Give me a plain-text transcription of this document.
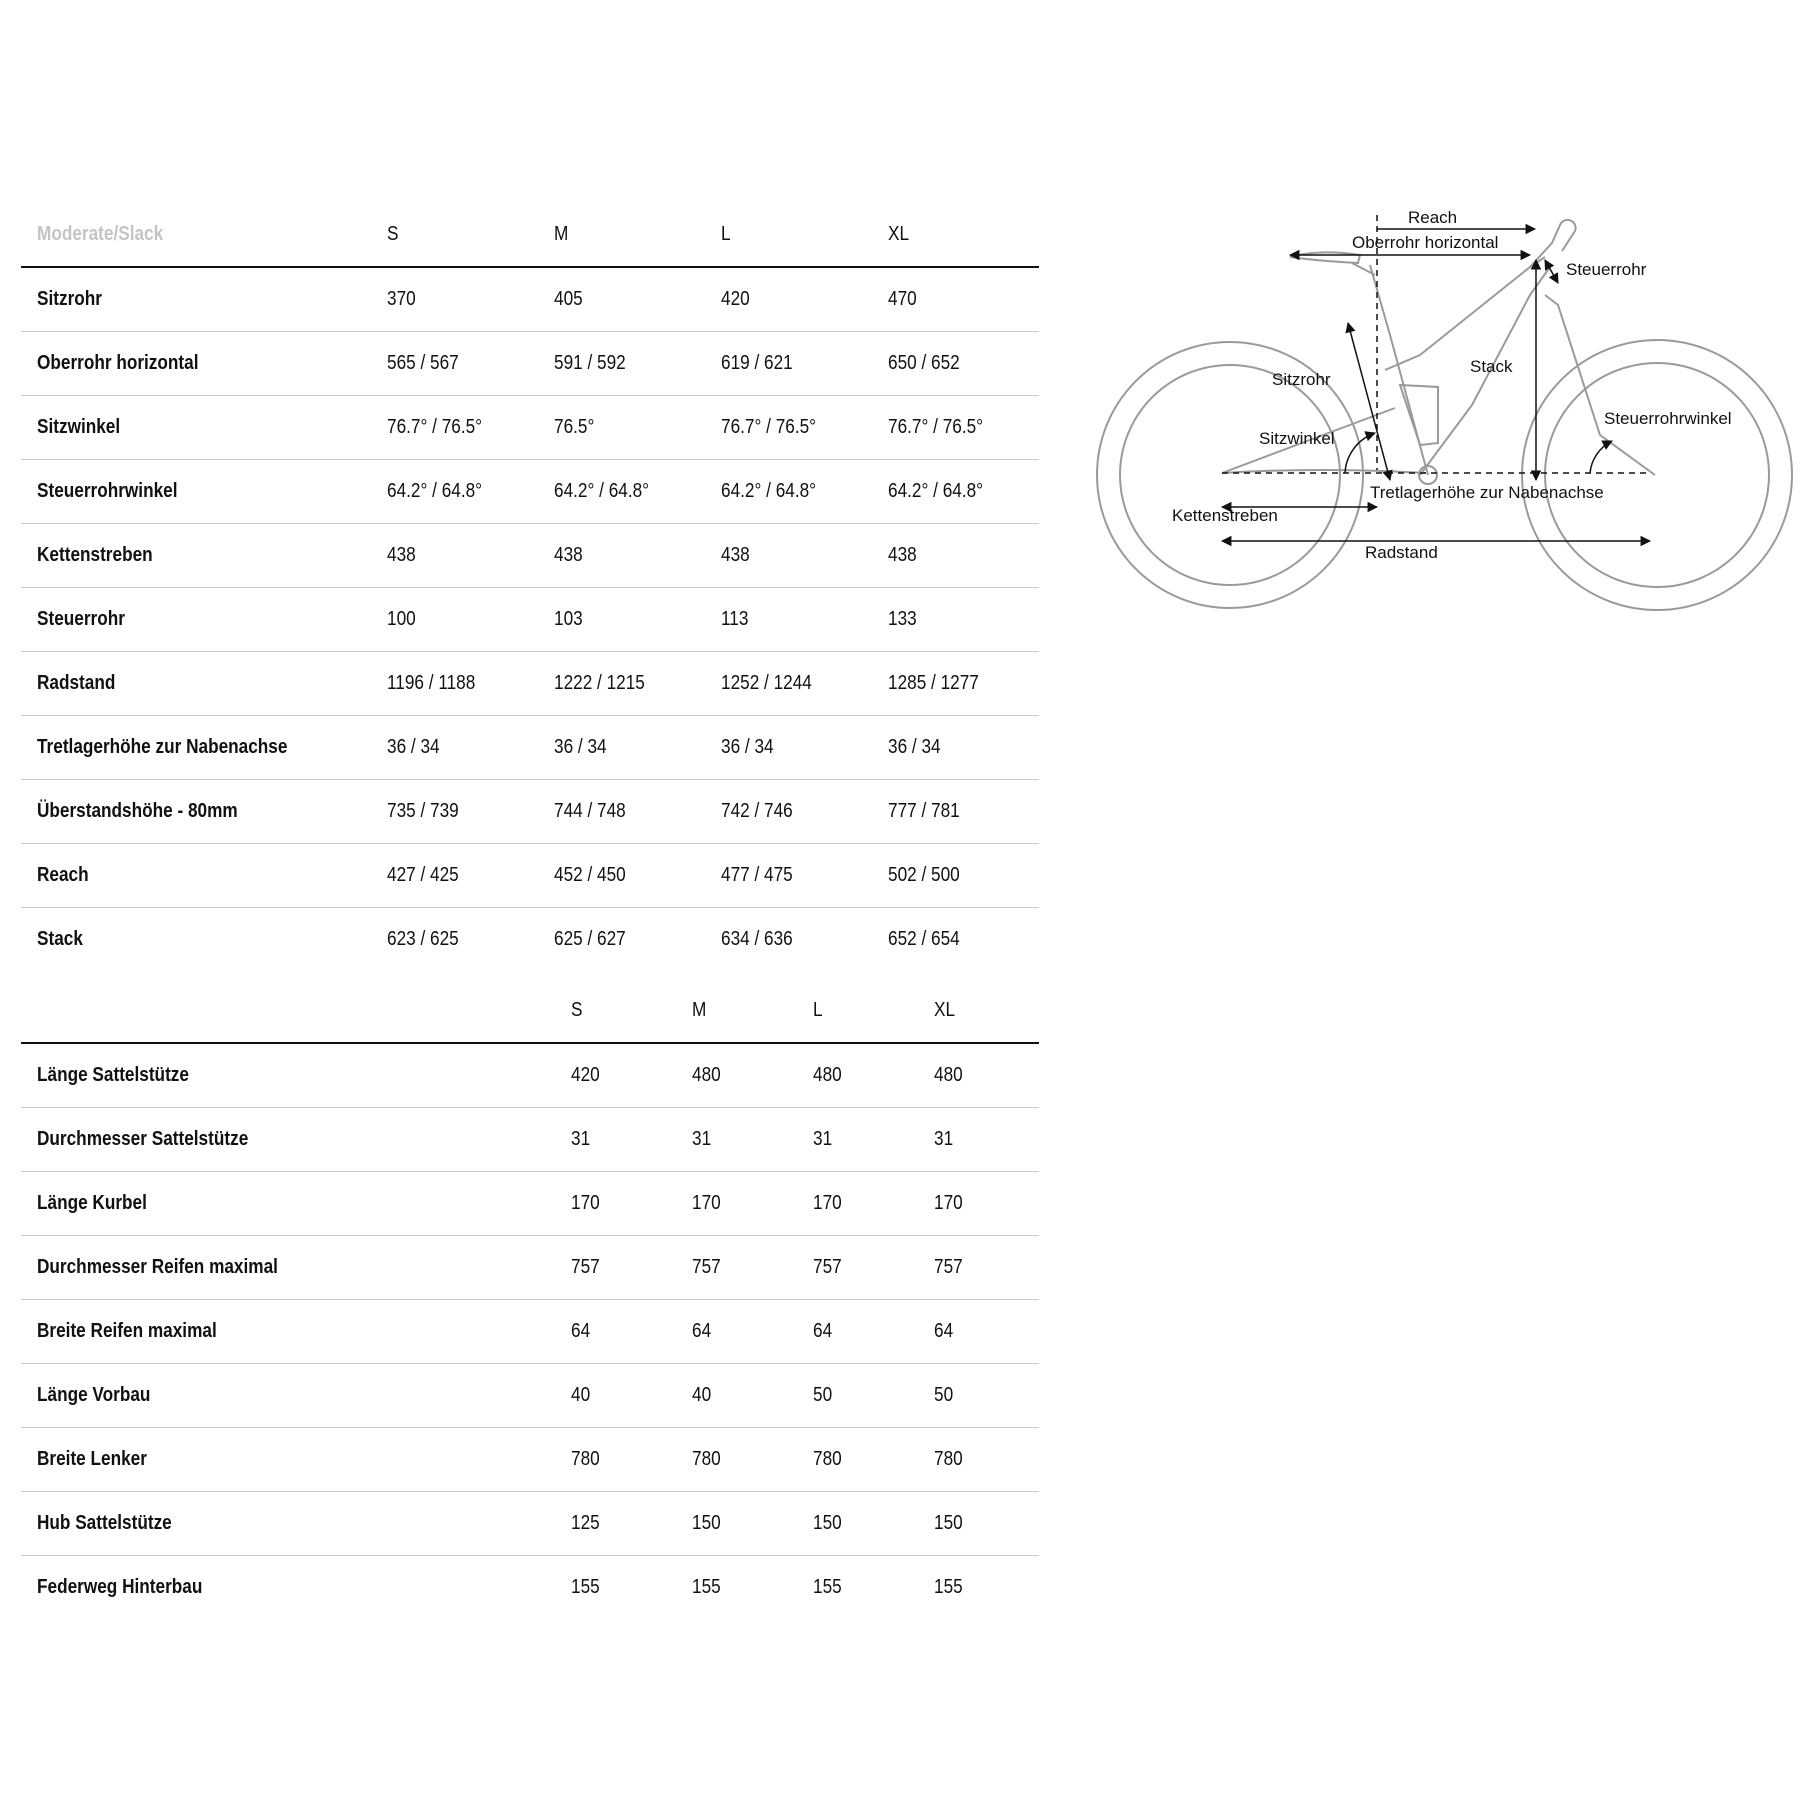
Moderate/Slack	S	M	L	XL
Sitzrohr	370	405	420	470
Oberrohr horizontal	565 / 567	591 / 592	619 / 621	650 / 652
Sitzwinkel	76.7° / 76.5°	76.5°	76.7° / 76.5°	76.7° / 76.5°
Steuerrohrwinkel	64.2° / 64.8°	64.2° / 64.8°	64.2° / 64.8°	64.2° / 64.8°
Kettenstreben	438	438	438	438
Steuerrohr	100	103	113	133
Radstand	1196 / 1188	1222 / 1215	1252 / 1244	1285 / 1277
Tretlagerhöhe zur Nabenachse	36 / 34	36 / 34	36 / 34	36 / 34
Überstandshöhe - 80mm	735 / 739	744 / 748	742 / 746	777 / 781
Reach	427 / 425	452 / 450	477 / 475	502 / 500
Stack	623 / 625	625 / 627	634 / 636	652 / 654
S	M	L	XL
Länge Sattelstütze	420	480	480	480
Durchmesser Sattelstütze	31	31	31	31
Länge Kurbel	170	170	170	170
Durchmesser Reifen maximal	757	757	757	757
Breite Reifen maximal	64	64	64	64
Länge Vorbau	40	40	50	50
Breite Lenker	780	780	780	780
Hub Sattelstütze	125	150	150	150
Federweg Hinterbau	155	155	155	155
Reach
Oberrohr horizontal
Steuerrohr
Sitzrohr
Stack
Steuerrohrwinkel
Sitzwinkel
Tretlagerhöhe zur Nabenachse
Kettenstreben
Radstand
